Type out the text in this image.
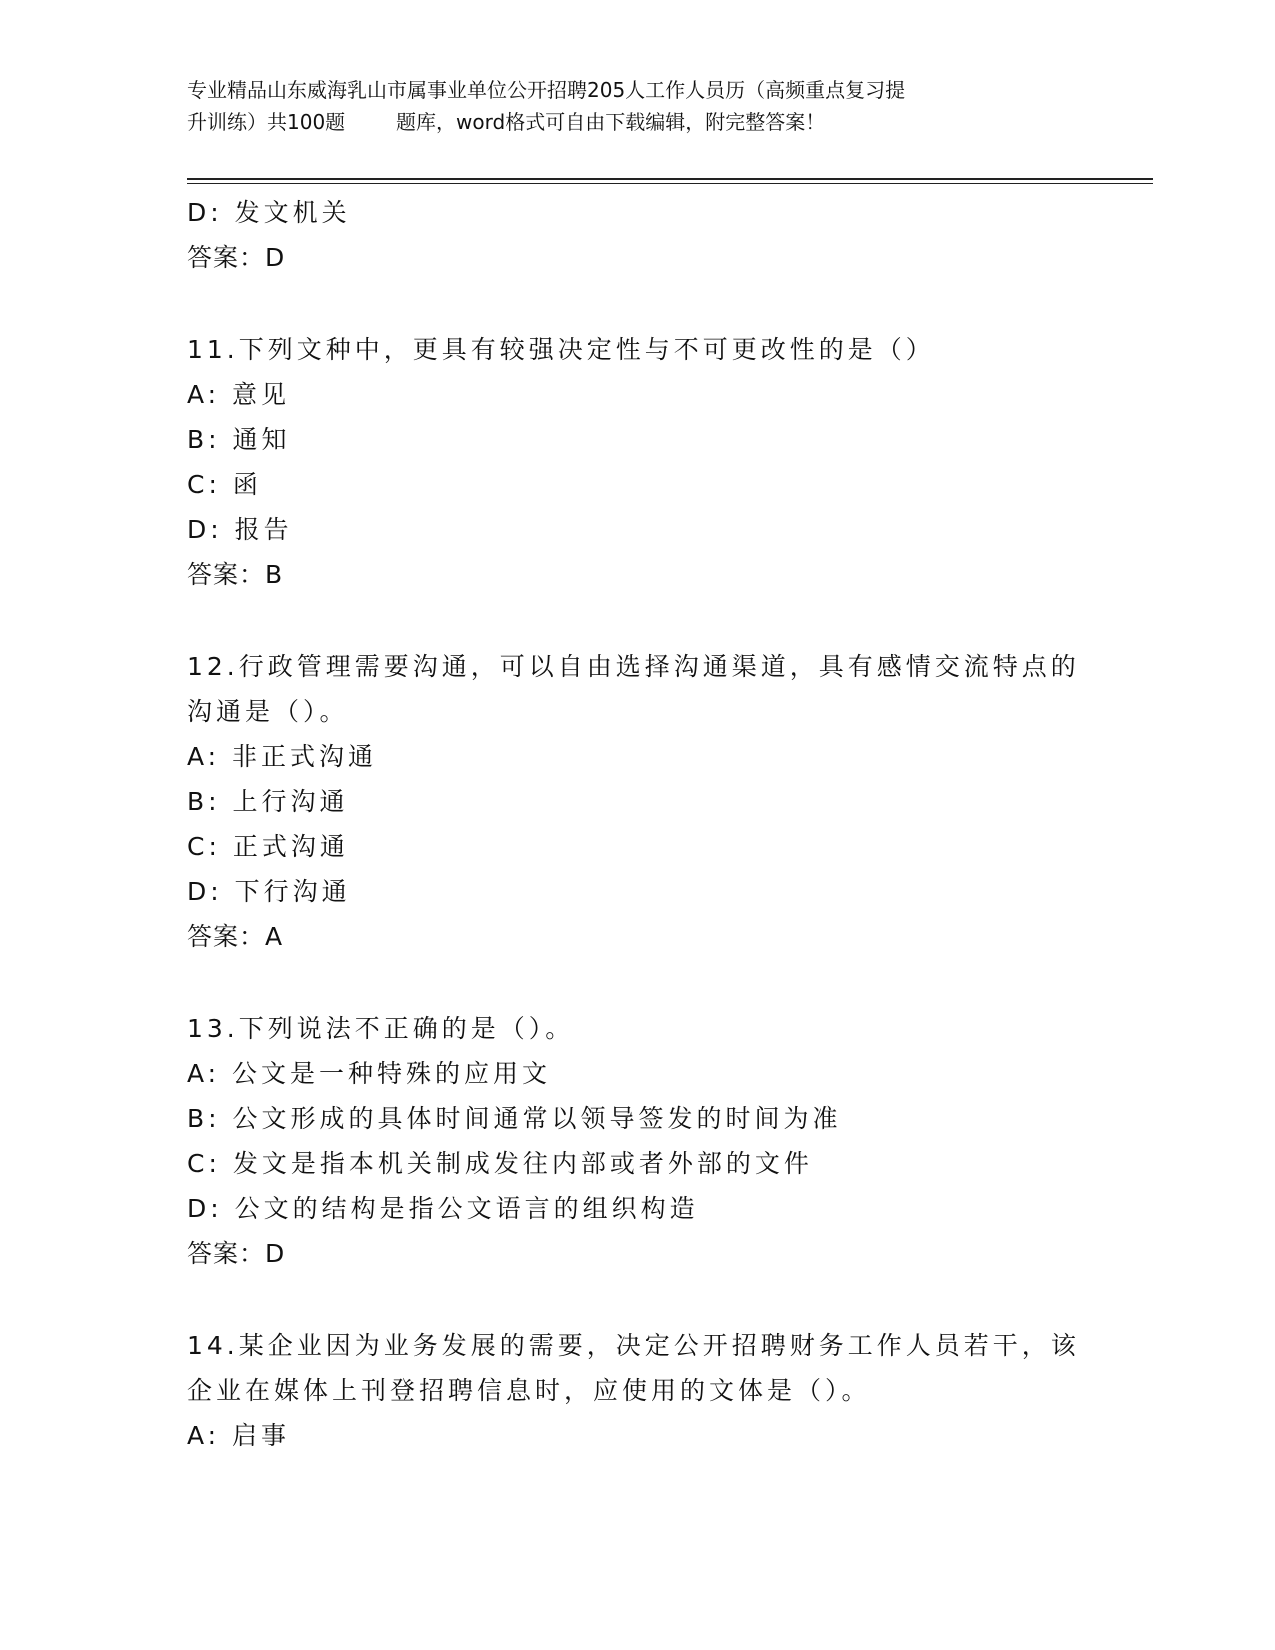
专业精品山东威海乳山市属事业单位公开招聘205人工作人员历（高频重点复习提
升训练）共100题        题库，word格式可自由下载编辑，附完整答案！
D: 发文机关
答案：D
11.下列文种中，更具有较强决定性与不可更改性的是（）
A: 意见
B: 通知
C: 函
D: 报告
答案：B
12.行政管理需要沟通，可以自由选择沟通渠道，具有感情交流特点的
沟通是（）。
A: 非正式沟通
B: 上行沟通
C: 正式沟通
D: 下行沟通
答案：A
13.下列说法不正确的是（）。
A: 公文是一种特殊的应用文
B: 公文形成的具体时间通常以领导签发的时间为准
C: 发文是指本机关制成发往内部或者外部的文件
D: 公文的结构是指公文语言的组织构造
答案：D
14.某企业因为业务发展的需要，决定公开招聘财务工作人员若干，该
企业在媒体上刊登招聘信息时，应使用的文体是（）。
A: 启事
